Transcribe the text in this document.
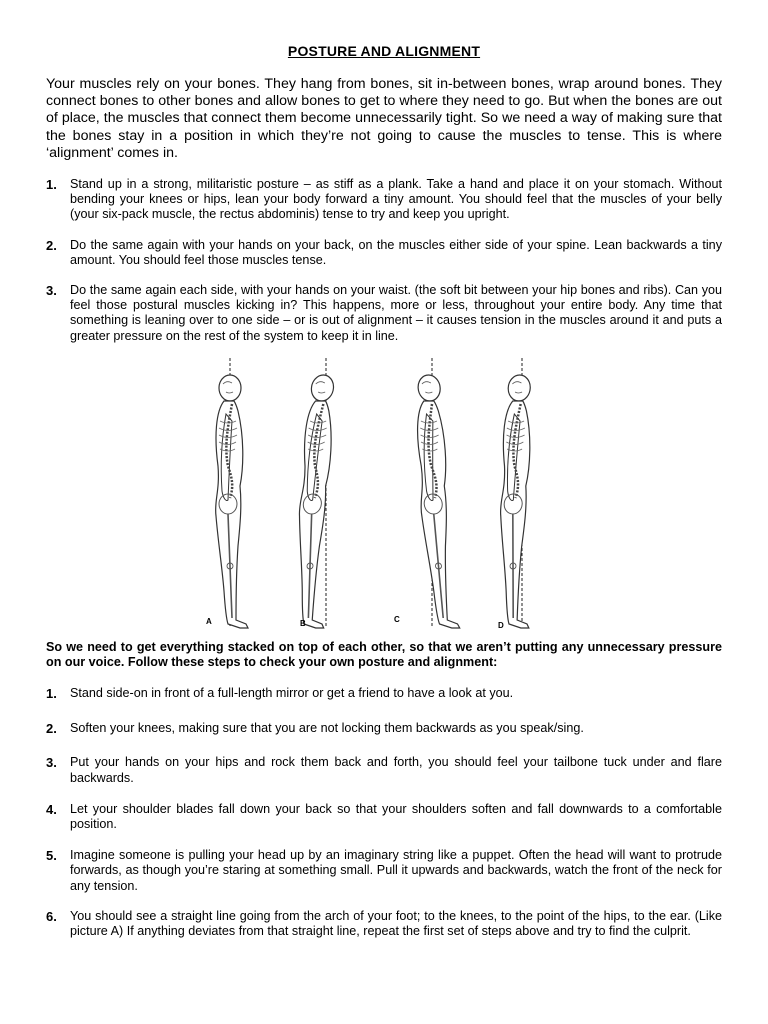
POSTURE AND ALIGNMENT
Your muscles rely on your bones. They hang from bones, sit in-between bones, wrap around bones. They connect bones to other bones and allow bones to get to where they need to go. But when the bones are out of place, the muscles that connect them become unnecessarily tight. So we need a way of making sure that the bones stay in a position in which they’re not going to cause the muscles to tense. This is where ‘alignment’ comes in.
1. Stand up in a strong, militaristic posture – as stiff as a plank. Take a hand and place it on your stomach. Without bending your knees or hips, lean your body forward a tiny amount. You should feel that the muscles of your belly (your six-pack muscle, the rectus abdominis) tense to try and keep you upright.
2. Do the same again with your hands on your back, on the muscles either side of your spine. Lean backwards a tiny amount. You should feel those muscles tense.
3. Do the same again each side, with your hands on your waist. (the soft bit between your hip bones and ribs). Can you feel those postural muscles kicking in? This happens, more or less, throughout your entire body. Any time that something is leaning over to one side – or is out of alignment – it causes tension in the muscles around it and puts a greater pressure on the rest of the system to keep it in line.
A	B	C
D
So we need to get everything stacked on top of each other, so that we aren’t putting any unnecessary pressure on our voice. Follow these steps to check your own posture and alignment:
1. Stand side-on in front of a full-length mirror or get a friend to have a look at you.
2. Soften your knees, making sure that you are not locking them backwards as you speak/sing.
3. Put your hands on your hips and rock them back and forth, you should feel your tailbone tuck under and flare backwards.
4. Let your shoulder blades fall down your back so that your shoulders soften and fall downwards to a comfortable position.
5. Imagine someone is pulling your head up by an imaginary string like a puppet. Often the head will want to protrude forwards, as though you’re staring at something small. Pull it upwards and backwards, watch the front of the neck for any tension.
6. You should see a straight line going from the arch of your foot; to the knees, to the point of the hips, to the ear. (Like picture A) If anything deviates from that straight line, repeat the first set of steps above and try to find the culprit.
